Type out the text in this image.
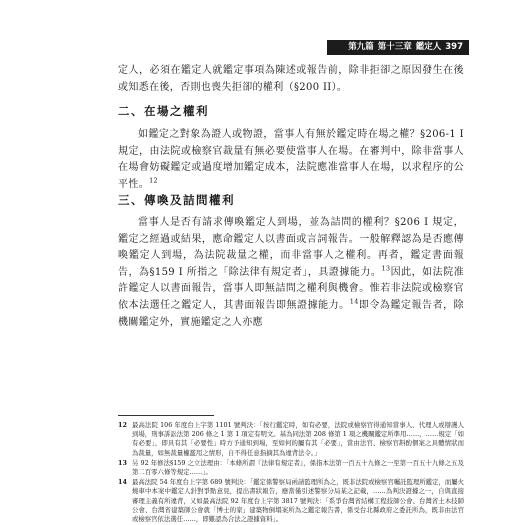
第九篇 第十三章 鑑定人 397

定人，必須在鑑定人就鑑定事項為陳述或報告前，除非拒卻之原因發生在後或知悉在後，否則也喪失拒卻的權利（§200 II）。

二、在場之權利

如鑑定之對象為證人或物證，當事人有無於鑑定時在場之權？§206-1 I 規定，由法院或檢察官裁量有無必要使當事人在場。在審判中，除非當事人在場會妨礙鑑定或過度增加鑑定成本，法院應准當事人在場，以求程序的公平性。$^{12}$

三、傳喚及詰問權利

當事人是否有請求傳喚鑑定人到場，並為詰問的權利？§206 I 規定，鑑定之經過或結果，應命鑑定人以書面或言詞報告。一般解釋認為是否應傳喚鑑定人到場，為法院裁量之權，而非當事人之權利。再者，鑑定書面報告，為§159 I 所指之「除法律有規定者」，具證據能力。$^{13}$因此，如法院准許鑑定人以書面報告，當事人即無詰問之權利與機會。惟若非法院或檢察官依本法選任之鑑定人，其書面報告即無證據能力。$^{14}$即令為鑑定報告者，除機關鑑定外，實施鑑定之人亦應

12 最高法院 106 年度台上字第 1101 號判決：「按行鑑定時，如有必要，法院或檢察官得通知當事人、代理人或辯護人到場，刑事訴訟法第 206 條之 1 第 1 項定有明文。基為同法第 208 條第 1 項之機關鑑定所準用……，……規定「如有必要」，即具有其「必要性」時方予通知到場，至如何的屬有其「必要」，當由法官、檢察官斟酌個案之具體情狀而為裁量，如無裁量權濫用之情形，自不得任意指摘其為違背法令。」
13 另 92 年修法§159 之立法理由：「本條所謂『法律有規定者』，係指本法第一百五十九條之一至第一百五十九條之五及第二百零六條等規定……」。
14 最高法院 54 年度台上字第 689 號判決：「鑑定係警察局函請監理所為之，既非法院或檢察官囑託監理所鑑定，而屬火燒車中本案中鑑定人針對爭點意見，提出書狀報告，應當僅引述警察分局某之記載，……為判決證據之一，自與直接審理主義有所違背，又如最高法院 92 年度台上字第 3817 號判決：「系爭台灣省結構工程技師公會、台灣省土木技師公會、台灣省建築師公會就「博士的家」建築物倒塌案所為之鑑定報告書，係受台北縣政府之委託所為，既非由法官或檢察官依法選任……，即難認為合法之證據資料」。
